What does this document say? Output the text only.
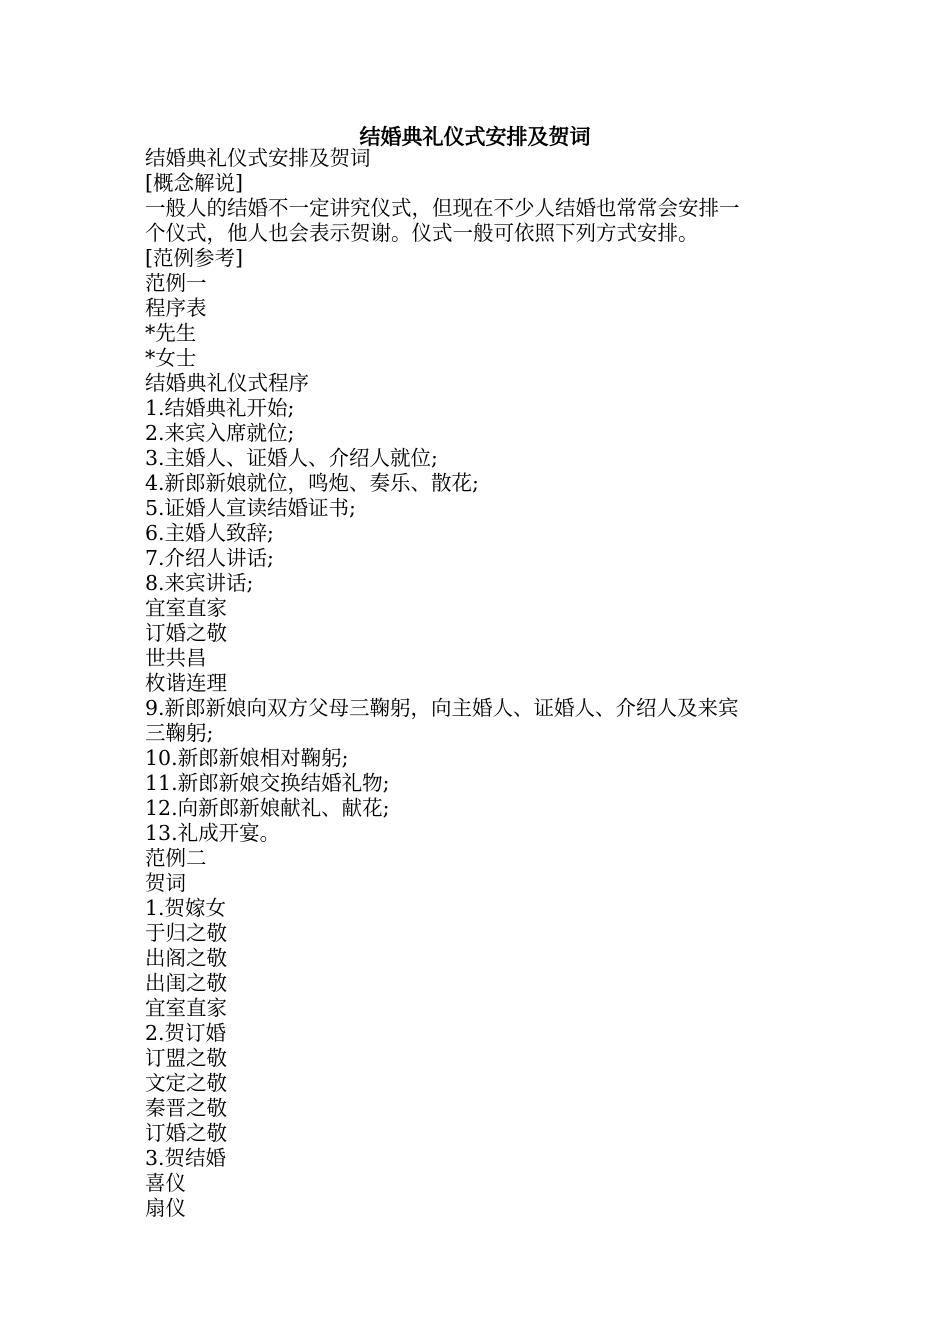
结婚典礼仪式安排及贺词
结婚典礼仪式安排及贺词
[概念解说]
一般人的结婚不一定讲究仪式，但现在不少人结婚也常常会安排一
个仪式，他人也会表示贺谢。仪式一般可依照下列方式安排。
[范例参考]
范例一
程序表
*先生
*女士
结婚典礼仪式程序
1.结婚典礼开始;
2.来宾入席就位;
3.主婚人、证婚人、介绍人就位;
4.新郎新娘就位，鸣炮、奏乐、散花;
5.证婚人宣读结婚证书;
6.主婚人致辞;
7.介绍人讲话;
8.来宾讲话;
宜室直家
订婚之敬
世共昌
枚谐连理
9.新郎新娘向双方父母三鞠躬，向主婚人、证婚人、介绍人及来宾
三鞠躬;
10.新郎新娘相对鞠躬;
11.新郎新娘交换结婚礼物;
12.向新郎新娘献礼、献花;
13.礼成开宴。
范例二
贺词
1.贺嫁女
于归之敬
出阁之敬
出闺之敬
宜室直家
2.贺订婚
订盟之敬
文定之敬
秦晋之敬
订婚之敬
3.贺结婚
喜仪
扇仪
